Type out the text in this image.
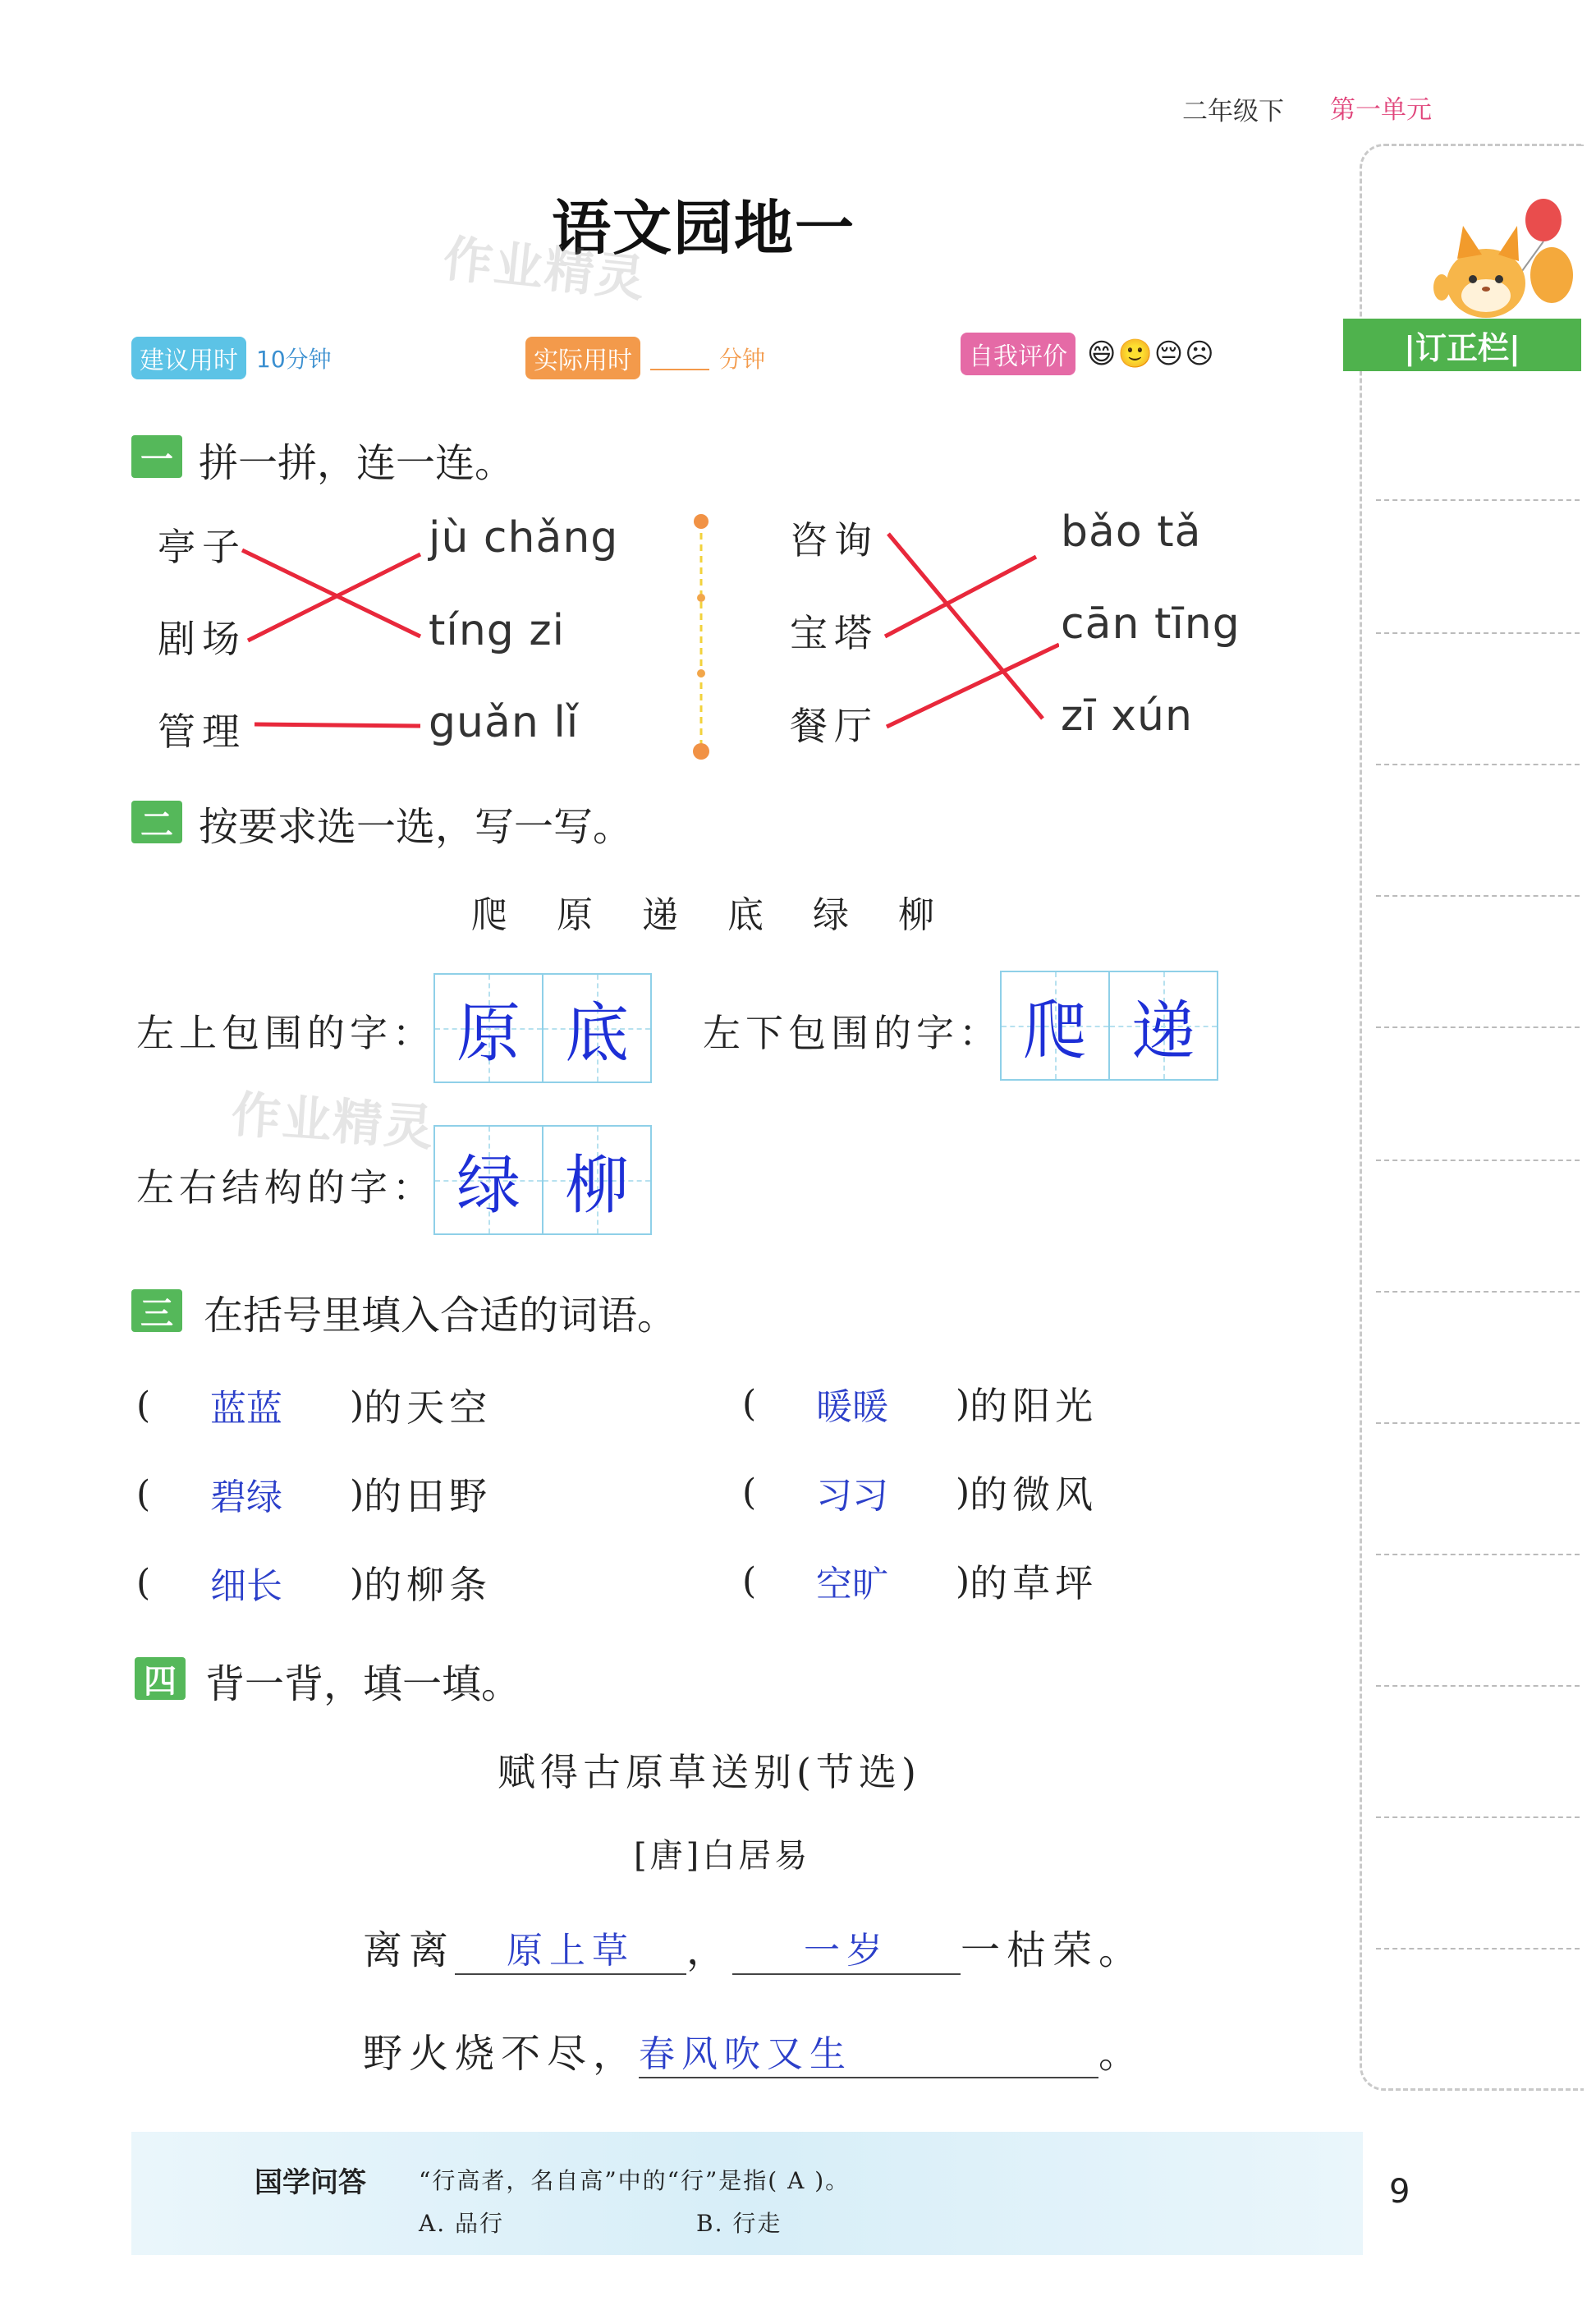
二年级下 第一单元
语文园地一
作业精灵
建议用时 10分钟	实际用时	分钟	自我评价 😄 🙂 😔 ☹
一 拼一拼，连一连。
亭子
剧场
管理
jù chǎng
tíng zi
guǎn lǐ
咨询
宝塔
餐厅
bǎo tǎ
cān tīng
zī xún
二 按要求选一选，写一写。
爬　原　递　底　绿　柳
左上包围的字： 原 底 左下包围的字： 爬 递
作业精灵
左右结构的字： 绿 柳
三 在括号里填入合适的词语。
(	蓝蓝	) 的天空	(	暖暖	) 的阳光
(	碧绿	) 的田野	(	习习	) 的微风
(	细长	) 的柳条	(	空旷	) 的草坪
四 背一背，填一填。
赋得古原草送别(节选)
[唐]白居易
离离	原上草	，	一岁	一枯荣。
野火烧不尽， 春风吹又生	。
|订正栏|
国学问答 “行高者，名自高”中的“行”是指( A )。
A. 品行	B. 行走
9
